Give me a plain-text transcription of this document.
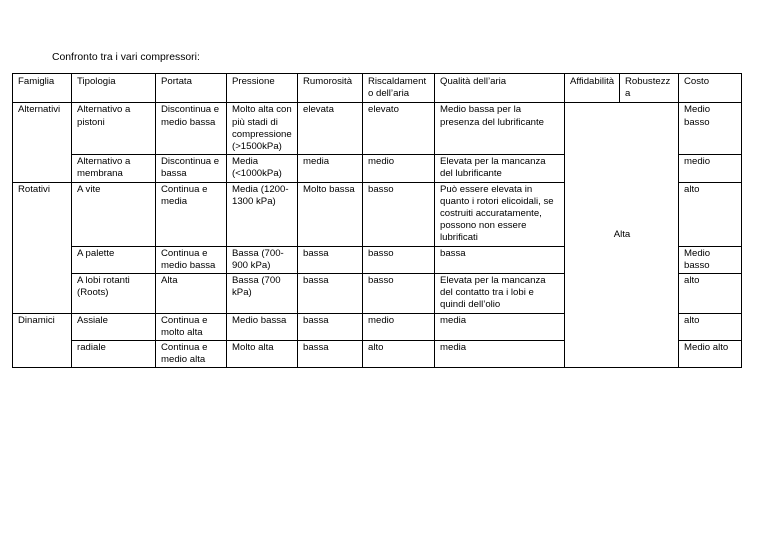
Confronto tra i vari compressori:
Famiglia	Tipologia	Portata	Pressione	Rumorosità	Riscaldamento dell’aria	Qualità dell’aria	Affidabilità	Robustezza	Costo
Alternativi	Alternativo a pistoni	Discontinua e medio bassa	Molto alta con più stadi di compressione (>1500kPa)	elevata	elevato	Medio bassa per la presenza del lubrificante	Alta		Medio basso
	Alternativo a membrana	Discontinua e bassa	Media (<1000kPa)	media	medio	Elevata per la mancanza del lubrificante			medio
Rotativi	A vite	Continua e media	Media (1200-1300 kPa)	Molto bassa	basso	Può essere elevata in quanto i rotori elicoidali, se costruiti accuratamente, possono non essere lubrificati			alto
	A palette	Continua e medio bassa	Bassa (700-900 kPa)	bassa	basso	bassa			Medio basso
	A lobi rotanti (Roots)	Alta	Bassa (700 kPa)	bassa	basso	Elevata per la mancanza del contatto tra i lobi e quindi dell’olio			alto
Dinamici	Assiale	Continua e molto alta	Medio bassa	bassa	medio	media			alto
	radiale	Continua e medio alta	Molto alta	bassa	alto	media			Medio alto
